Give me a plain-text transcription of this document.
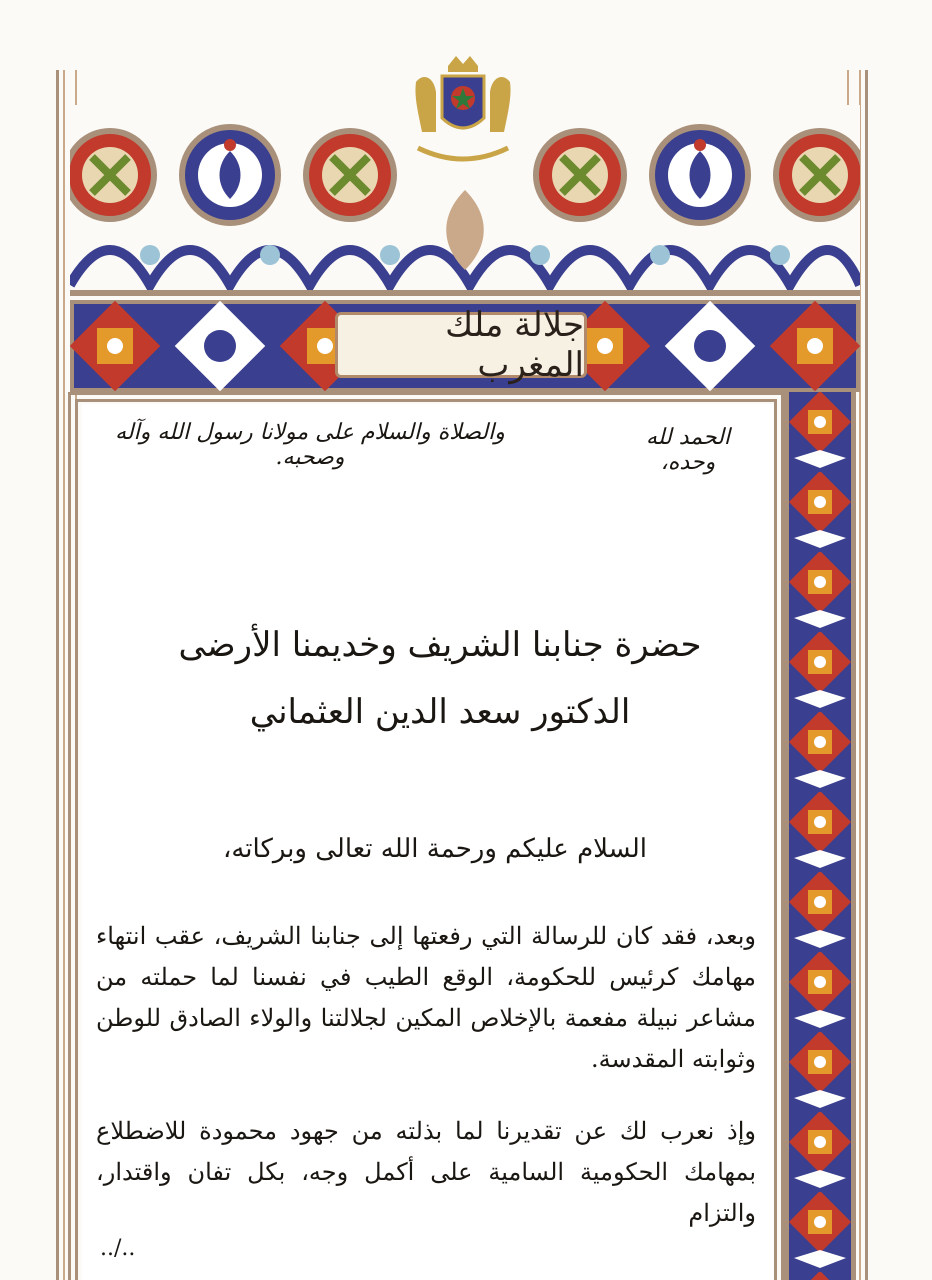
جلالة ملك المغرب
الحمد لله وحده،
والصلاة والسلام على مولانا رسول الله وآله وصحبه.
حضرة جنابنا الشريف وخديمنا الأرضى
الدكتور سعد الدين العثماني
السلام عليكم ورحمة الله تعالى وبركاته،
وبعد، فقد كان للرسالة التي رفعتها إلى جنابنا الشريف، عقب انتهاء مهامك كرئيس للحكومة، الوقع الطيب في نفسنا لما حملته من مشاعر نبيلة مفعمة بالإخلاص المكين لجلالتنا والولاء الصادق للوطن وثوابته المقدسة.
وإذ نعرب لك عن تقديرنا لما بذلته من جهود محمودة للاضطلاع بمهامك الحكومية السامية على أكمل وجه، بكل تفان واقتدار، والتزام
../..
